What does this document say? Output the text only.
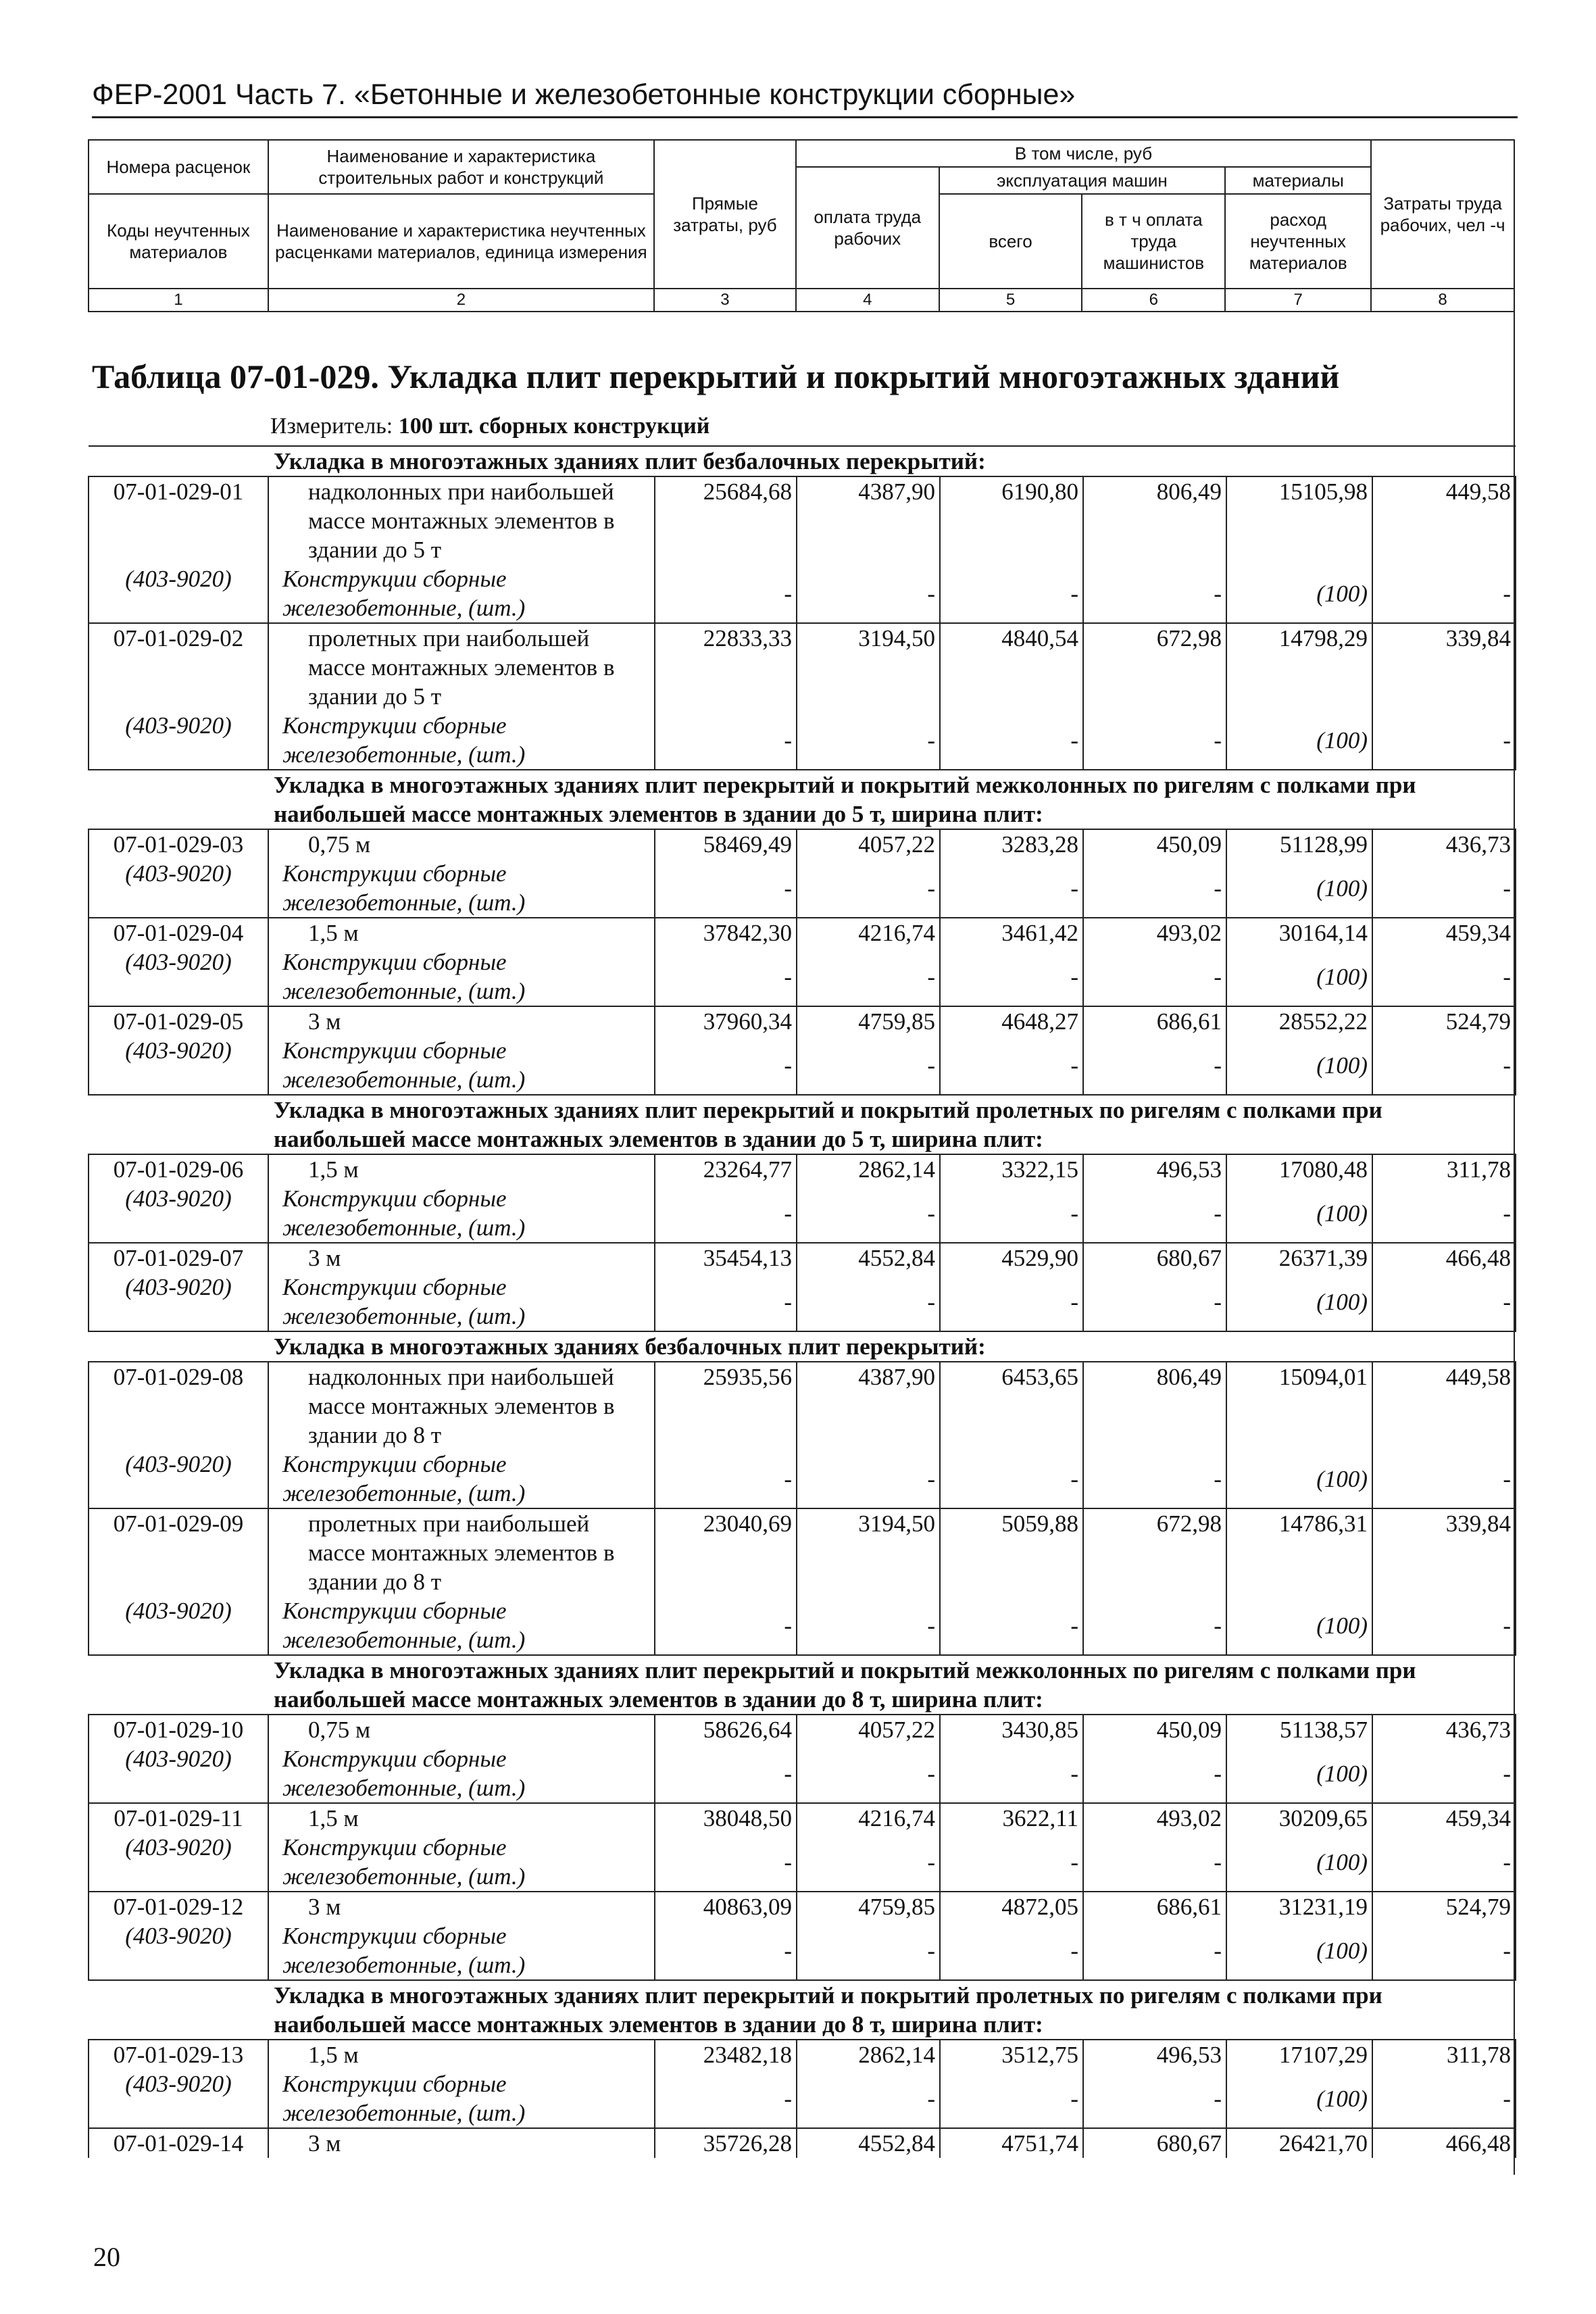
ФЕР-2001 Часть 7. «Бетонные и железобетонные конструкции сборные»
Номера расценок	Наименование и характеристика строительных работ и конструкций	Прямые затраты, руб	В том числе, руб				Затраты труда рабочих, чел -ч
			оплата труда рабочих	эксплуатация машин		материалы	
Коды неучтенных материалов	Наименование и характеристика неучтенных расценками материалов, единица измерения			всего	в т ч оплата труда машинистов	расход неучтенных материалов	

1	2	3	4	5	6	7	8
Таблица 07-01-029. Укладка плит перекрытий и покрытий многоэтажных зданий
Измеритель: 100 шт. сборных конструкций
Укладка в многоэтажных зданиях плит безбалочных перекрытий:							
07-01-029-01	надколонных при наибольшей массе монтажных элементов в здании до 5 т	25684,68	4387,90	6190,80	806,49	15105,98	449,58
(403-9020)	Конструкции сборные железобетонные, (шт.)	-	-	-	-	(100)	-
07-01-029-02	пролетных при наибольшей массе монтажных элементов в здании до 5 т	22833,33	3194,50	4840,54	672,98	14798,29	339,84
(403-9020)	Конструкции сборные железобетонные, (шт.)	-	-	-	-	(100)	-
Укладка в многоэтажных зданиях плит перекрытий и покрытий межколонных по ригелям с полками при наибольшей массе монтажных элементов в здании до 5 т, ширина плит:							
07-01-029-03	0,75 м	58469,49	4057,22	3283,28	450,09	51128,99	436,73
(403-9020)	Конструкции сборные железобетонные, (шт.)	-	-	-	-	(100)	-
07-01-029-04	1,5 м	37842,30	4216,74	3461,42	493,02	30164,14	459,34
(403-9020)	Конструкции сборные железобетонные, (шт.)	-	-	-	-	(100)	-
07-01-029-05	3 м	37960,34	4759,85	4648,27	686,61	28552,22	524,79
(403-9020)	Конструкции сборные железобетонные, (шт.)	-	-	-	-	(100)	-
Укладка в многоэтажных зданиях плит перекрытий и покрытий пролетных по ригелям с полками при наибольшей массе монтажных элементов в здании до 5 т, ширина плит:							
07-01-029-06	1,5 м	23264,77	2862,14	3322,15	496,53	17080,48	311,78
(403-9020)	Конструкции сборные железобетонные, (шт.)	-	-	-	-	(100)	-
07-01-029-07	3 м	35454,13	4552,84	4529,90	680,67	26371,39	466,48
(403-9020)	Конструкции сборные железобетонные, (шт.)	-	-	-	-	(100)	-
Укладка в многоэтажных зданиях безбалочных плит перекрытий:							
07-01-029-08	надколонных при наибольшей массе монтажных элементов в здании до 8 т	25935,56	4387,90	6453,65	806,49	15094,01	449,58
(403-9020)	Конструкции сборные железобетонные, (шт.)	-	-	-	-	(100)	-
07-01-029-09	пролетных при наибольшей массе монтажных элементов в здании до 8 т	23040,69	3194,50	5059,88	672,98	14786,31	339,84
(403-9020)	Конструкции сборные железобетонные, (шт.)	-	-	-	-	(100)	-
Укладка в многоэтажных зданиях плит перекрытий и покрытий межколонных по ригелям с полками при наибольшей массе монтажных элементов в здании до 8 т, ширина плит:							
07-01-029-10	0,75 м	58626,64	4057,22	3430,85	450,09	51138,57	436,73
(403-9020)	Конструкции сборные железобетонные, (шт.)	-	-	-	-	(100)	-
07-01-029-11	1,5 м	38048,50	4216,74	3622,11	493,02	30209,65	459,34
(403-9020)	Конструкции сборные железобетонные, (шт.)	-	-	-	-	(100)	-
07-01-029-12	3 м	40863,09	4759,85	4872,05	686,61	31231,19	524,79
(403-9020)	Конструкции сборные железобетонные, (шт.)	-	-	-	-	(100)	-
Укладка в многоэтажных зданиях плит перекрытий и покрытий пролетных по ригелям с полками при наибольшей массе монтажных элементов в здании до 8 т, ширина плит:							
07-01-029-13	1,5 м	23482,18	2862,14	3512,75	496,53	17107,29	311,78
(403-9020)	Конструкции сборные железобетонные, (шт.)	-	-	-	-	(100)	-
07-01-029-14	3 м	35726,28	4552,84	4751,74	680,67	26421,70	466,48
20
